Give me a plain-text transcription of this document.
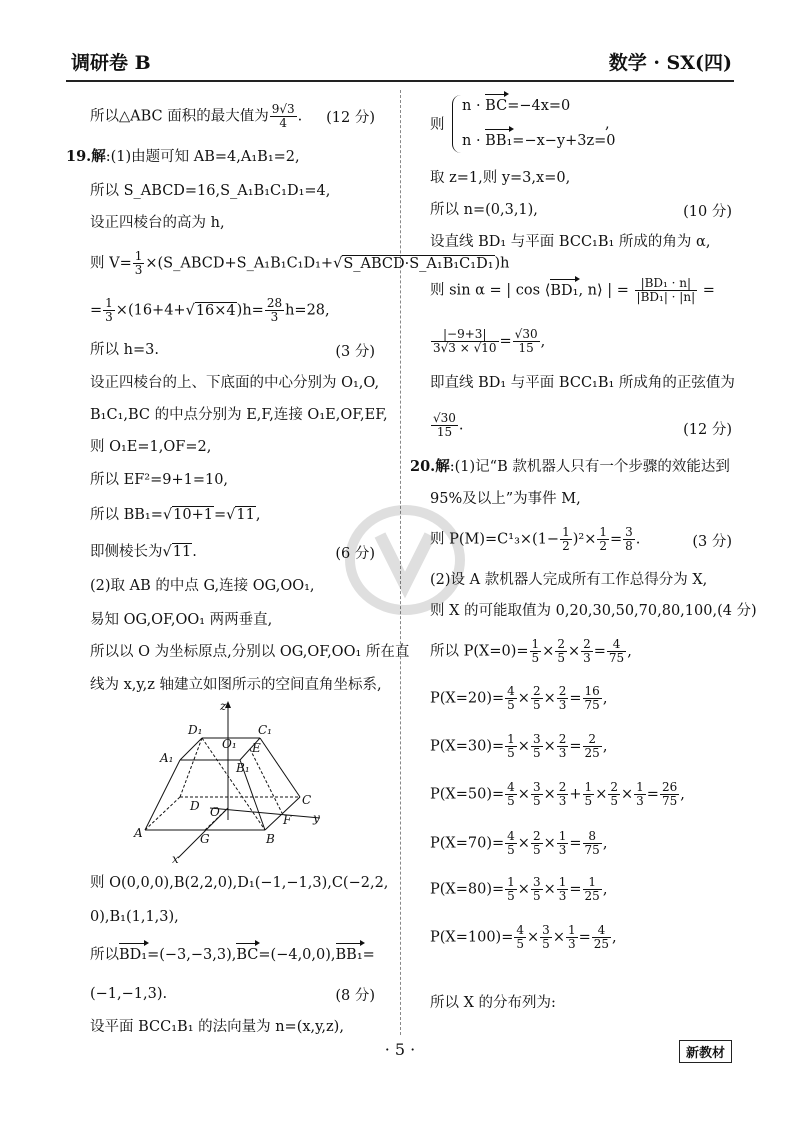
调研卷 B	数学 · SX(四)
所以△ABC 面积的最大值为 $\frac{9√3}{4}$ . (12 分)
19.解:(1)由题可知 AB=4,A₁B₁=2,
所以 S_ABCD=16,S_A₁B₁C₁D₁=4,
设正四棱台的高为 h,
则 $V= \frac{1}{3}$ ×(S_ABCD+S_A₁B₁C₁D₁+√S_ABCD·S_A₁B₁C₁D₁)h
= $\frac{1}{3} \times(16+4+√16\times 4)h= \frac{28}{3} h=28$,
所以 h=3.	(3 分)
设正四棱台的上、下底面的中心分别为 O₁,O,
B₁C₁,BC 的中点分别为 E,F,连接 O₁E,OF,EF,
则 O₁E=1,OF=2,
所以 EF²=9+1=10,
所以 BB₁=√10+1=√11,
即侧棱长为√11.	(6 分)
(2)取 AB 的中点 G,连接 OG,OO₁,
易知 OG,OF,OO₁ 两两垂直,
所以以 O 为坐标原点,分别以 OG,OF,OO₁ 所在直
线为 x,y,z 轴建立如图所示的空间直角坐标系,
z
D₁	C₁
O₁ E
A₁
B₁
D O
C
F y
A	G	B
x
则 O(0,0,0),B(2,2,0),D₁(−1,−1,3),C(−2,2,
0),B₁(1,1,3),
所以BD₁=(−3,−3,3),BC=(−4,0,0),BB₁=
(−1,−1,3).	(8 分)
设平面 BCC₁B₁ 的法向量为 n=(x,y,z),
则
n · BC=−4x=0
n · BB₁=−x−y+3z=0
,
取 z=1,则 y=3,x=0,
所以 n=(0,3,1),	(10 分)
设直线 BD₁ 与平面 BCC₁B₁ 所成的角为 α,
则 sin α = | cos ⟨BD₁, n⟩ | = $\frac{\text{|BD₁ · n|}}{\text{|BD₁| · |n|}}$ =
$\frac{|-9+3|}{3√3 \times √10} = \frac{√30}{15}$ ,
即直线 BD₁ 与平面 BCC₁B₁ 所成角的正弦值为
$\frac{√30}{15}$ .	(12 分)
20.解:(1)记“B 款机器人只有一个步骤的效能达到
95%及以上”为事件 M,
则 $P(M)=C^1_3\times(1- \frac{1}{2} )^2\times \frac{1}{2} = \frac{3}{8}$ .	(3 分)
(2)设 A 款机器人完成所有工作总得分为 X,
则 X 的可能取值为 0,20,30,50,70,80,100,(4 分)
所以 $P(X=0)= \frac{1}{5} \times \frac{2}{5} \times \frac{2}{3} = \frac{4}{75}$ ,
$P(X=20)= \frac{4}{5} \times \frac{2}{5} \times \frac{2}{3} = \frac{16}{75}$ ,
$P(X=30)= \frac{1}{5} \times \frac{3}{5} \times \frac{2}{3} = \frac{2}{25}$ ,
$P(X=70)= \frac{4}{5} \times \frac{2}{5} \times \frac{1}{3} = \frac{8}{75}$ ,
$P(X=80)= \frac{1}{5} \times \frac{3}{5} \times \frac{1}{3} = \frac{1}{25}$ ,
$P(X=100)= \frac{4}{5} \times \frac{3}{5} \times \frac{1}{3} = \frac{4}{25}$ ,
$P(X=50)= \frac{4}{5} \times \frac{3}{5} \times \frac{2}{3} + \frac{1}{5} \times \frac{2}{5} \times \frac{1}{3} = \frac{26}{75}$ ,
所以 X 的分布列为:
· 5 ·	新教材
